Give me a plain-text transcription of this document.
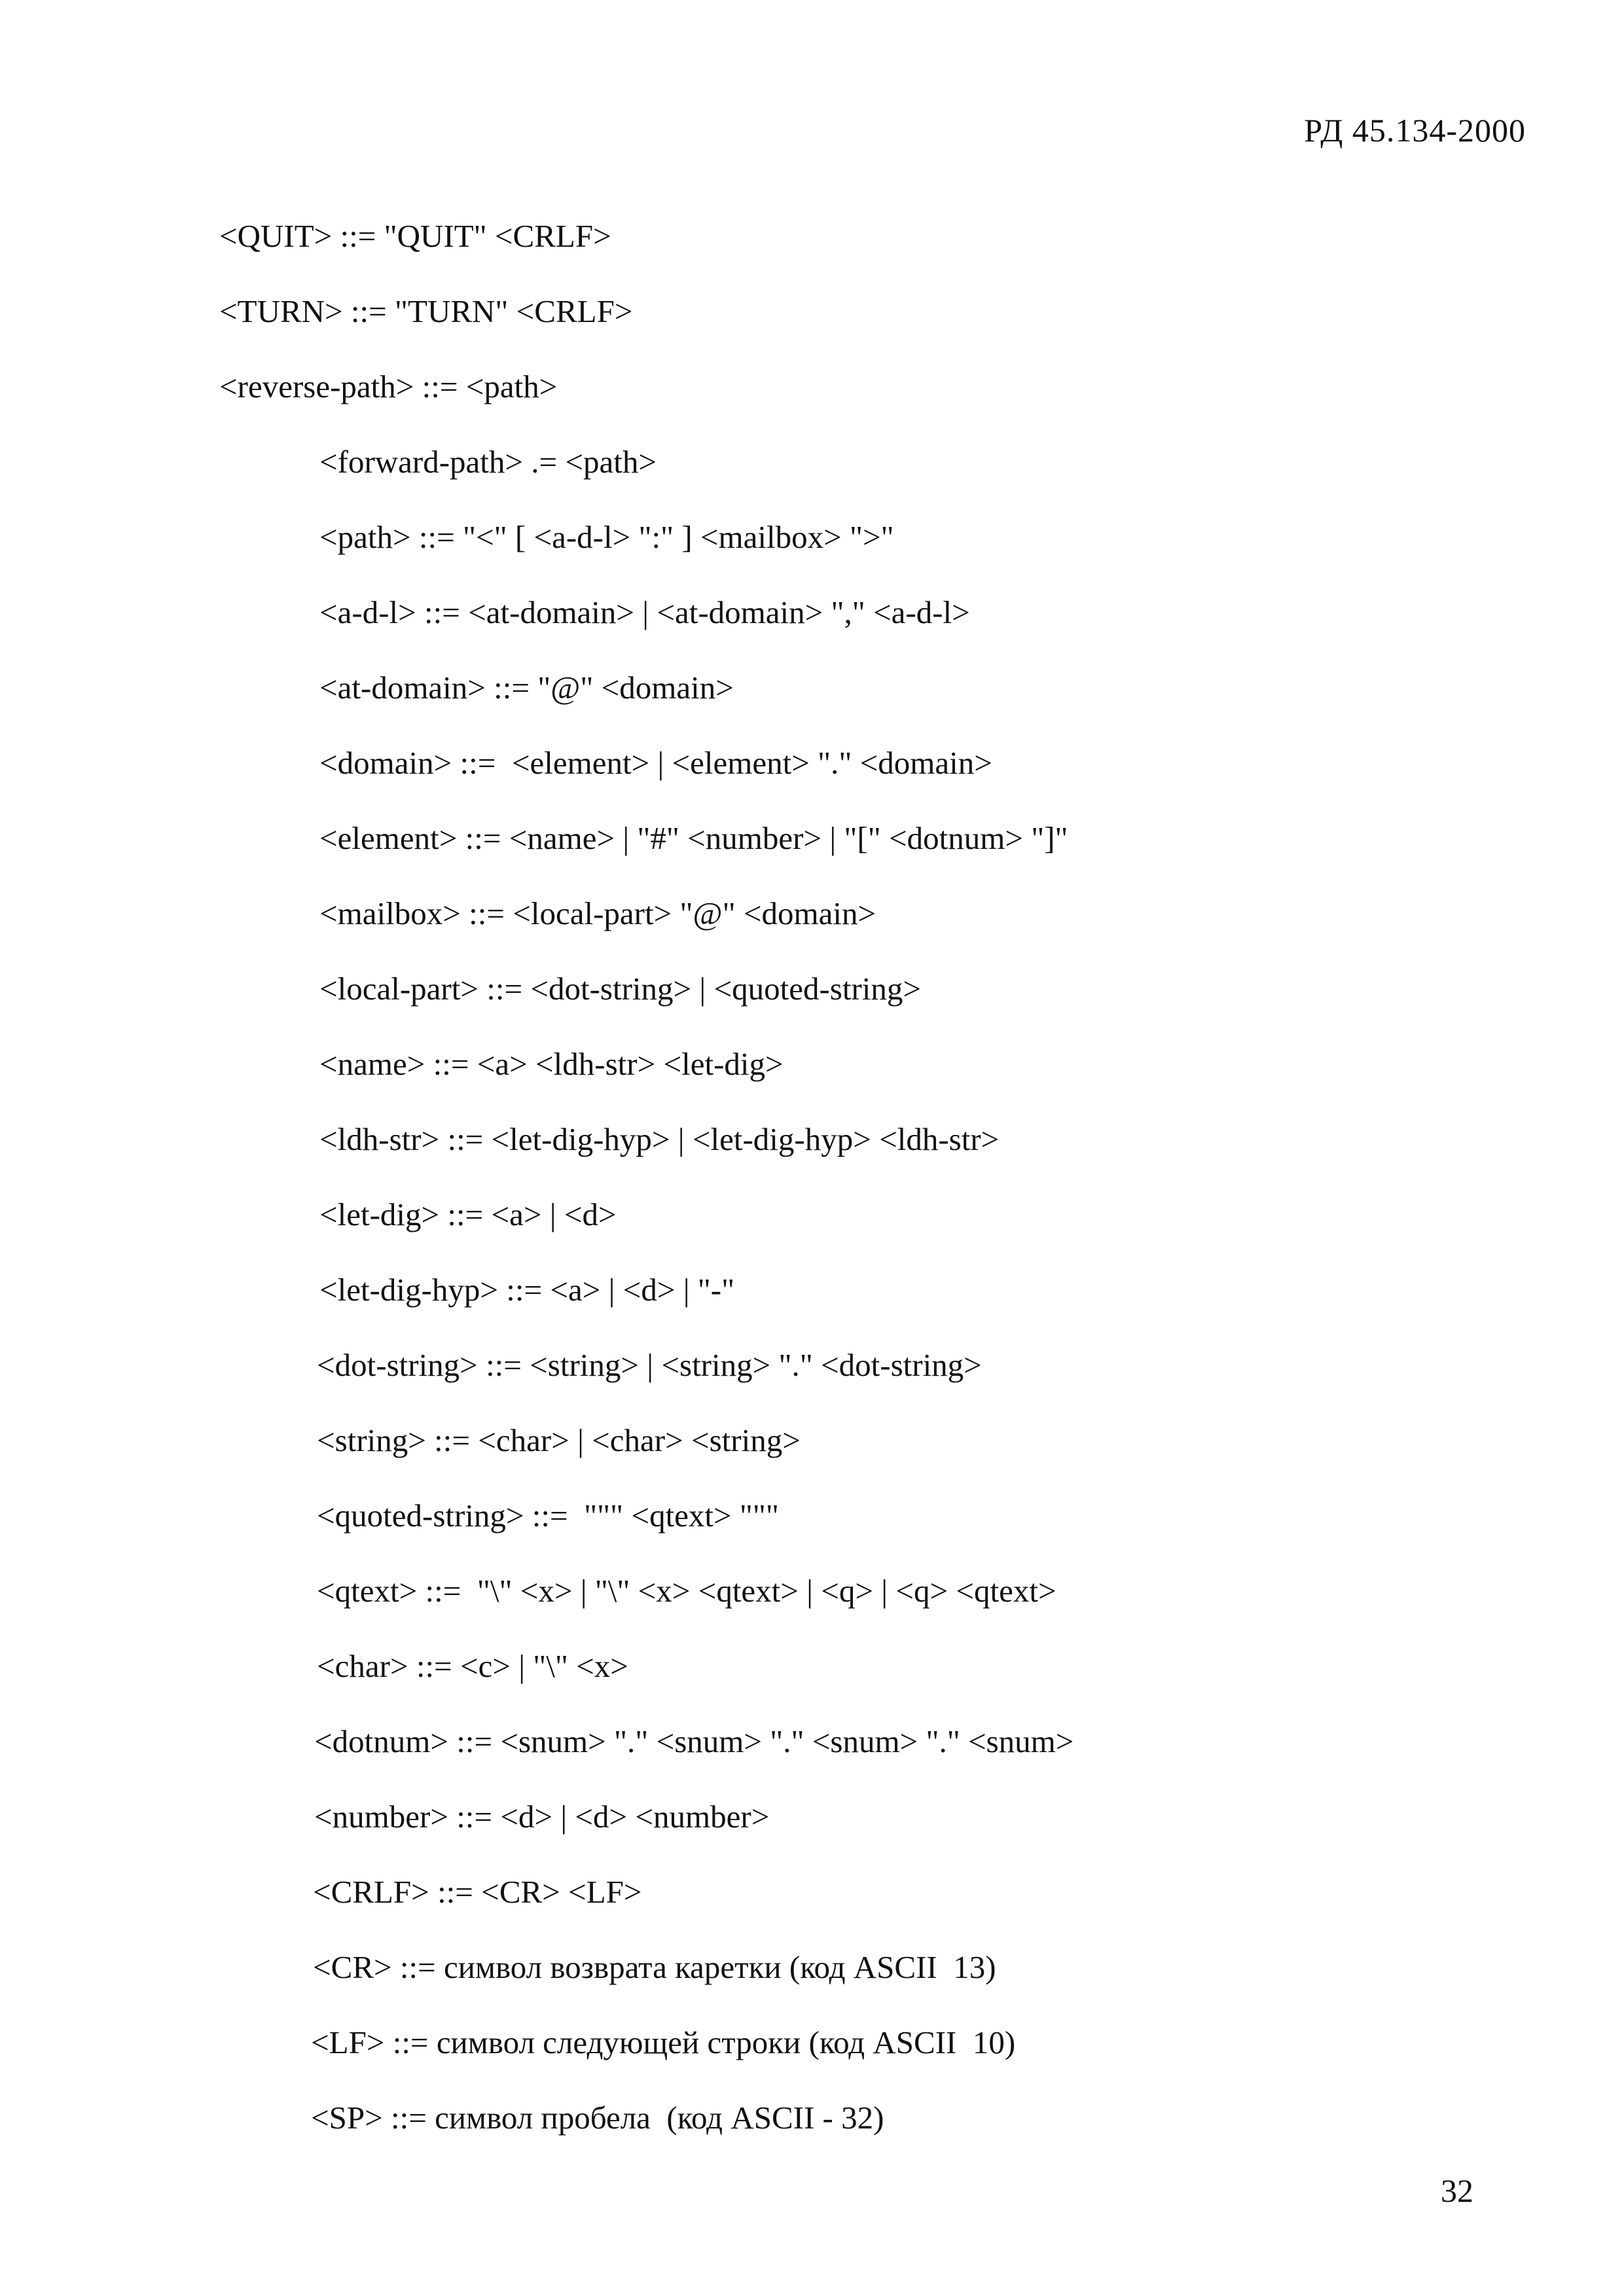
РД 45.134-2000
<QUIT> ::= "QUIT" <CRLF>
<TURN> ::= "TURN" <CRLF>
<reverse-path> ::= <path>
<forward-path> .= <path>
<path> ::= "<" [ <a-d-l> ":" ] <mailbox> ">"
<a-d-l> ::= <at-domain> | <at-domain> "," <a-d-l>
<at-domain> ::= "@" <domain>
<domain> ::=  <element> | <element> "." <domain>
<element> ::= <name> | "#" <number> | "[" <dotnum> "]"
<mailbox> ::= <local-part> "@" <domain>
<local-part> ::= <dot-string> | <quoted-string>
<name> ::= <a> <ldh-str> <let-dig>
<ldh-str> ::= <let-dig-hyp> | <let-dig-hyp> <ldh-str>
<let-dig> ::= <a> | <d>
<let-dig-hyp> ::= <a> | <d> | "-"
<dot-string> ::= <string> | <string> "." <dot-string>
<string> ::= <char> | <char> <string>
<quoted-string> ::=  """ <qtext> """
<qtext> ::=  "\" <x> | "\" <x> <qtext> | <q> | <q> <qtext>
<char> ::= <c> | "\" <x>
<dotnum> ::= <snum> "." <snum> "." <snum> "." <snum>
<number> ::= <d> | <d> <number>
<CRLF> ::= <CR> <LF>
<CR> ::= символ возврата каретки (код ASCII  13)
<LF> ::= символ следующей строки (код ASCII  10)
<SP> ::= символ пробела  (код ASCII - 32)
32
